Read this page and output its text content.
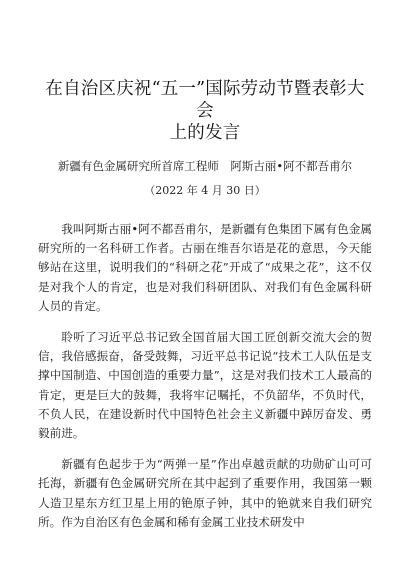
在自治区庆祝“五一”国际劳动节暨表彰大会
上的发言
新疆有色金属研究所首席工程师　阿斯古丽•阿不都吾甫尔
（2022 年 4 月 30 日）

我叫阿斯古丽•阿不都吾甫尔，是新疆有色集团下属有色金属研究所的一名科研工作者。古丽在维吾尔语是花的意思，今天能够站在这里，说明我们的“科研之花”开成了“成果之花”，这不仅是对我个人的肯定，也是对我们科研团队、对我们有色金属科研人员的肯定。

聆听了习近平总书记致全国首届大国工匠创新交流大会的贺信，我倍感振奋，备受鼓舞，习近平总书记说“技术工人队伍是支撑中国制造、中国创造的重要力量”，这是对我们技术工人最高的肯定，更是巨大的鼓舞，我将牢记嘱托，不负韶华，不负时代，不负人民，在建设新时代中国特色社会主义新疆中踔厉奋发、勇毅前进。

新疆有色起步于为“两弹一星”作出卓越贡献的功勋矿山可可托海，新疆有色金属研究所在其中起到了重要作用，我国第一颗人造卫星东方红卫星上用的铯原子钟，其中的铯就来自我们研究所。作为自治区有色金属和稀有金属工业技术研发中
